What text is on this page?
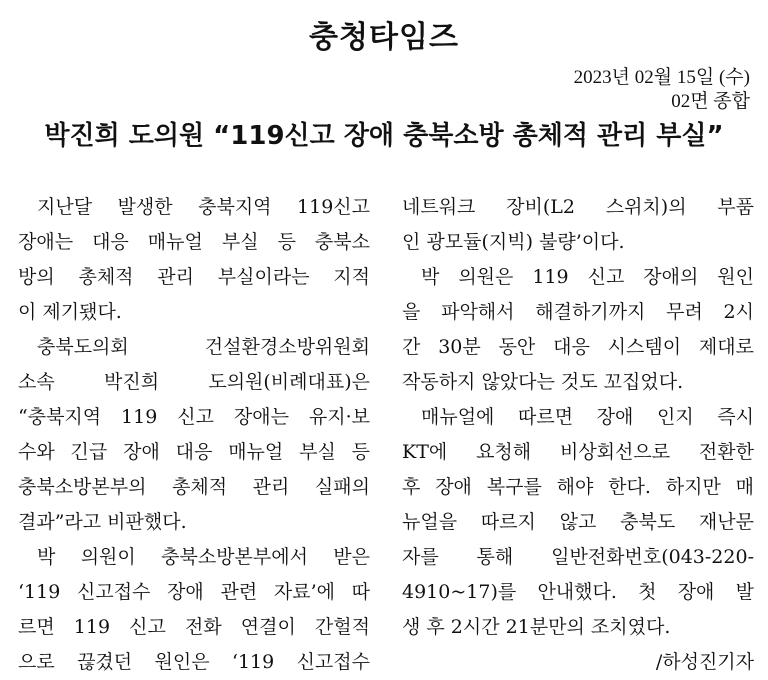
충청타임즈
2023년 02월 15일 (수)
02면 종합
박진희 도의원 “119신고 장애 충북소방 총체적 관리 부실”
지난달 발생한 충북지역 119신고
장애는 대응 매뉴얼 부실 등 충북소
방의 총체적 관리 부실이라는 지적
이 제기됐다.
충북도의회 건설환경소방위원회
소속 박진희 도의원(비례대표)은
“충북지역 119 신고 장애는 유지·보
수와 긴급 장애 대응 매뉴얼 부실 등
충북소방본부의 총체적 관리 실패의
결과”라고 비판했다.
박 의원이 충북소방본부에서 받은
‘119 신고접수 장애 관련 자료’에 따
르면 119 신고 전화 연결이 간헐적
으로 끊겼던 원인은 ‘119 신고접수
네트워크 장비(L2 스위치)의 부품
인 광모듈(지빅) 불량’이다.
박 의원은 119 신고 장애의 원인
을 파악해서 해결하기까지 무려 2시
간 30분 동안 대응 시스템이 제대로
작동하지 않았다는 것도 꼬집었다.
매뉴얼에 따르면 장애 인지 즉시
KT에 요청해 비상회선으로 전환한
후 장애 복구를 해야 한다. 하지만 매
뉴얼을 따르지 않고 충북도 재난문
자를 통해 일반전화번호(043-220-
4910~17)를 안내했다. 첫 장애 발
생 후 2시간 21분만의 조치였다.
/하성진기자
